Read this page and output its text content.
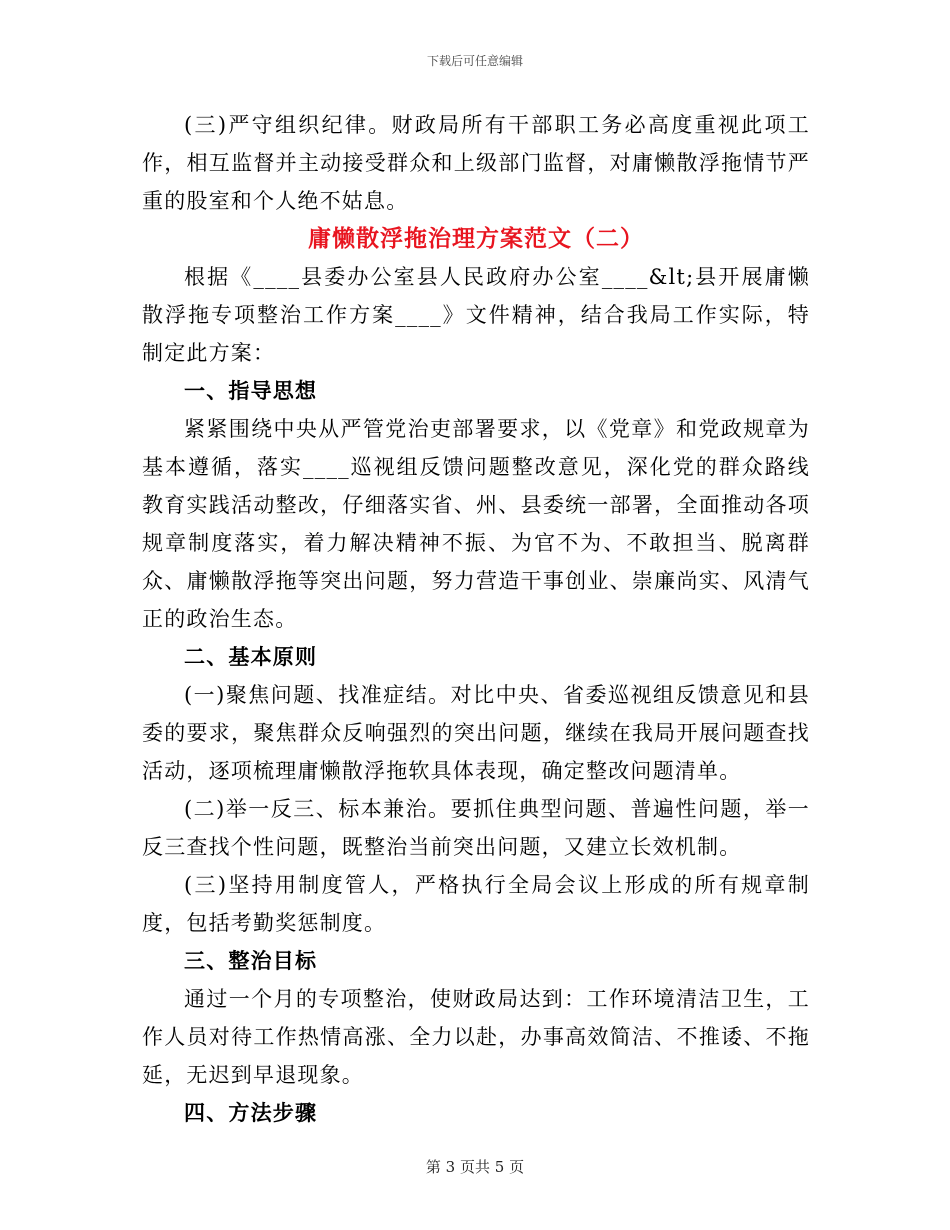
下载后可任意编辑

(三)严守组织纪律。财政局所有干部职工务必高度重视此项工作，相互监督并主动接受群众和上级部门监督，对庸懒散浮拖情节严重的股室和个人绝不姑息。

庸懒散浮拖治理方案范文（二）

根据《____县委办公室县人民政府办公室____&lt;县开展庸懒散浮拖专项整治工作方案____》文件精神，结合我局工作实际，特制定此方案：

一、指导思想

紧紧围绕中央从严管党治吏部署要求，以《党章》和党政规章为基本遵循，落实____巡视组反馈问题整改意见，深化党的群众路线教育实践活动整改，仔细落实省、州、县委统一部署，全面推动各项规章制度落实，着力解决精神不振、为官不为、不敢担当、脱离群众、庸懒散浮拖等突出问题，努力营造干事创业、崇廉尚实、风清气正的政治生态。

二、基本原则

(一)聚焦问题、找准症结。对比中央、省委巡视组反馈意见和县委的要求，聚焦群众反响强烈的突出问题，继续在我局开展问题查找活动，逐项梳理庸懒散浮拖软具体表现，确定整改问题清单。

(二)举一反三、标本兼治。要抓住典型问题、普遍性问题，举一反三查找个性问题，既整治当前突出问题，又建立长效机制。

(三)坚持用制度管人，严格执行全局会议上形成的所有规章制度，包括考勤奖惩制度。

三、整治目标

通过一个月的专项整治，使财政局达到：工作环境清洁卫生，工作人员对待工作热情高涨、全力以赴，办事高效简洁、不推诿、不拖延，无迟到早退现象。

四、方法步骤

第 3 页共 5 页
